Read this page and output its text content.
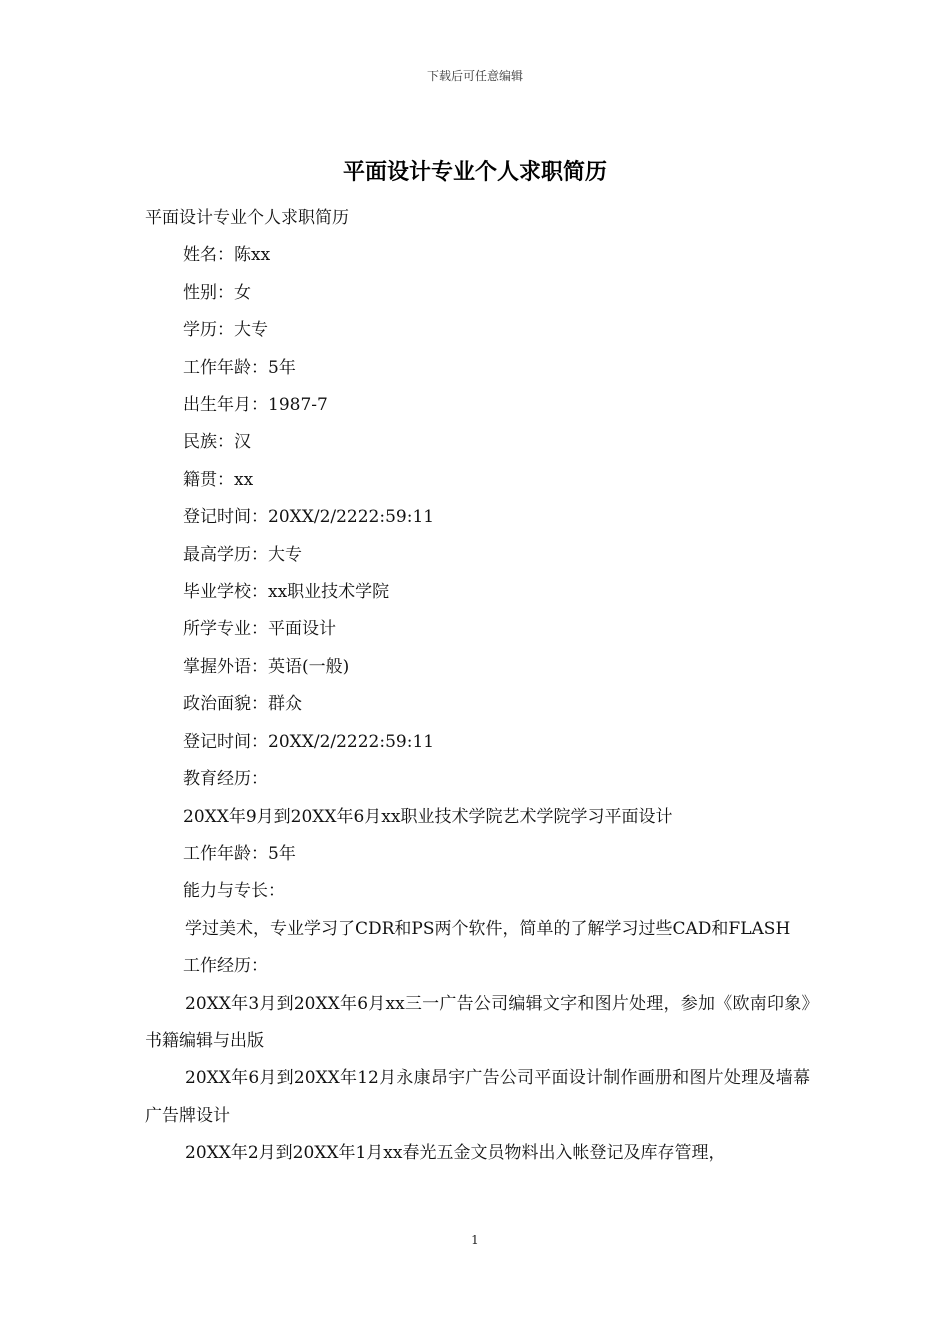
下载后可任意编辑
平面设计专业个人求职简历
平面设计专业个人求职简历
姓名：陈xx
性别：女
学历：大专
工作年龄：5年
出生年月：1987-7
民族：汉
籍贯：xx
登记时间：20XX/2/2222:59:11
最高学历：大专
毕业学校：xx职业技术学院
所学专业：平面设计
掌握外语：英语(一般)
政治面貌：群众
登记时间：20XX/2/2222:59:11
教育经历：
20XX年9月到20XX年6月xx职业技术学院艺术学院学习平面设计
工作年龄：5年
能力与专长：
学过美术，专业学习了CDR和PS两个软件，简单的了解学习过些CAD和FLASH
工作经历：
20XX年3月到20XX年6月xx三一广告公司编辑文字和图片处理，参加《欧南印象》书籍编辑与出版
20XX年6月到20XX年12月永康昂宇广告公司平面设计制作画册和图片处理及墙幕广告牌设计
20XX年2月到20XX年1月xx春光五金文员物料出入帐登记及库存管理，
1
